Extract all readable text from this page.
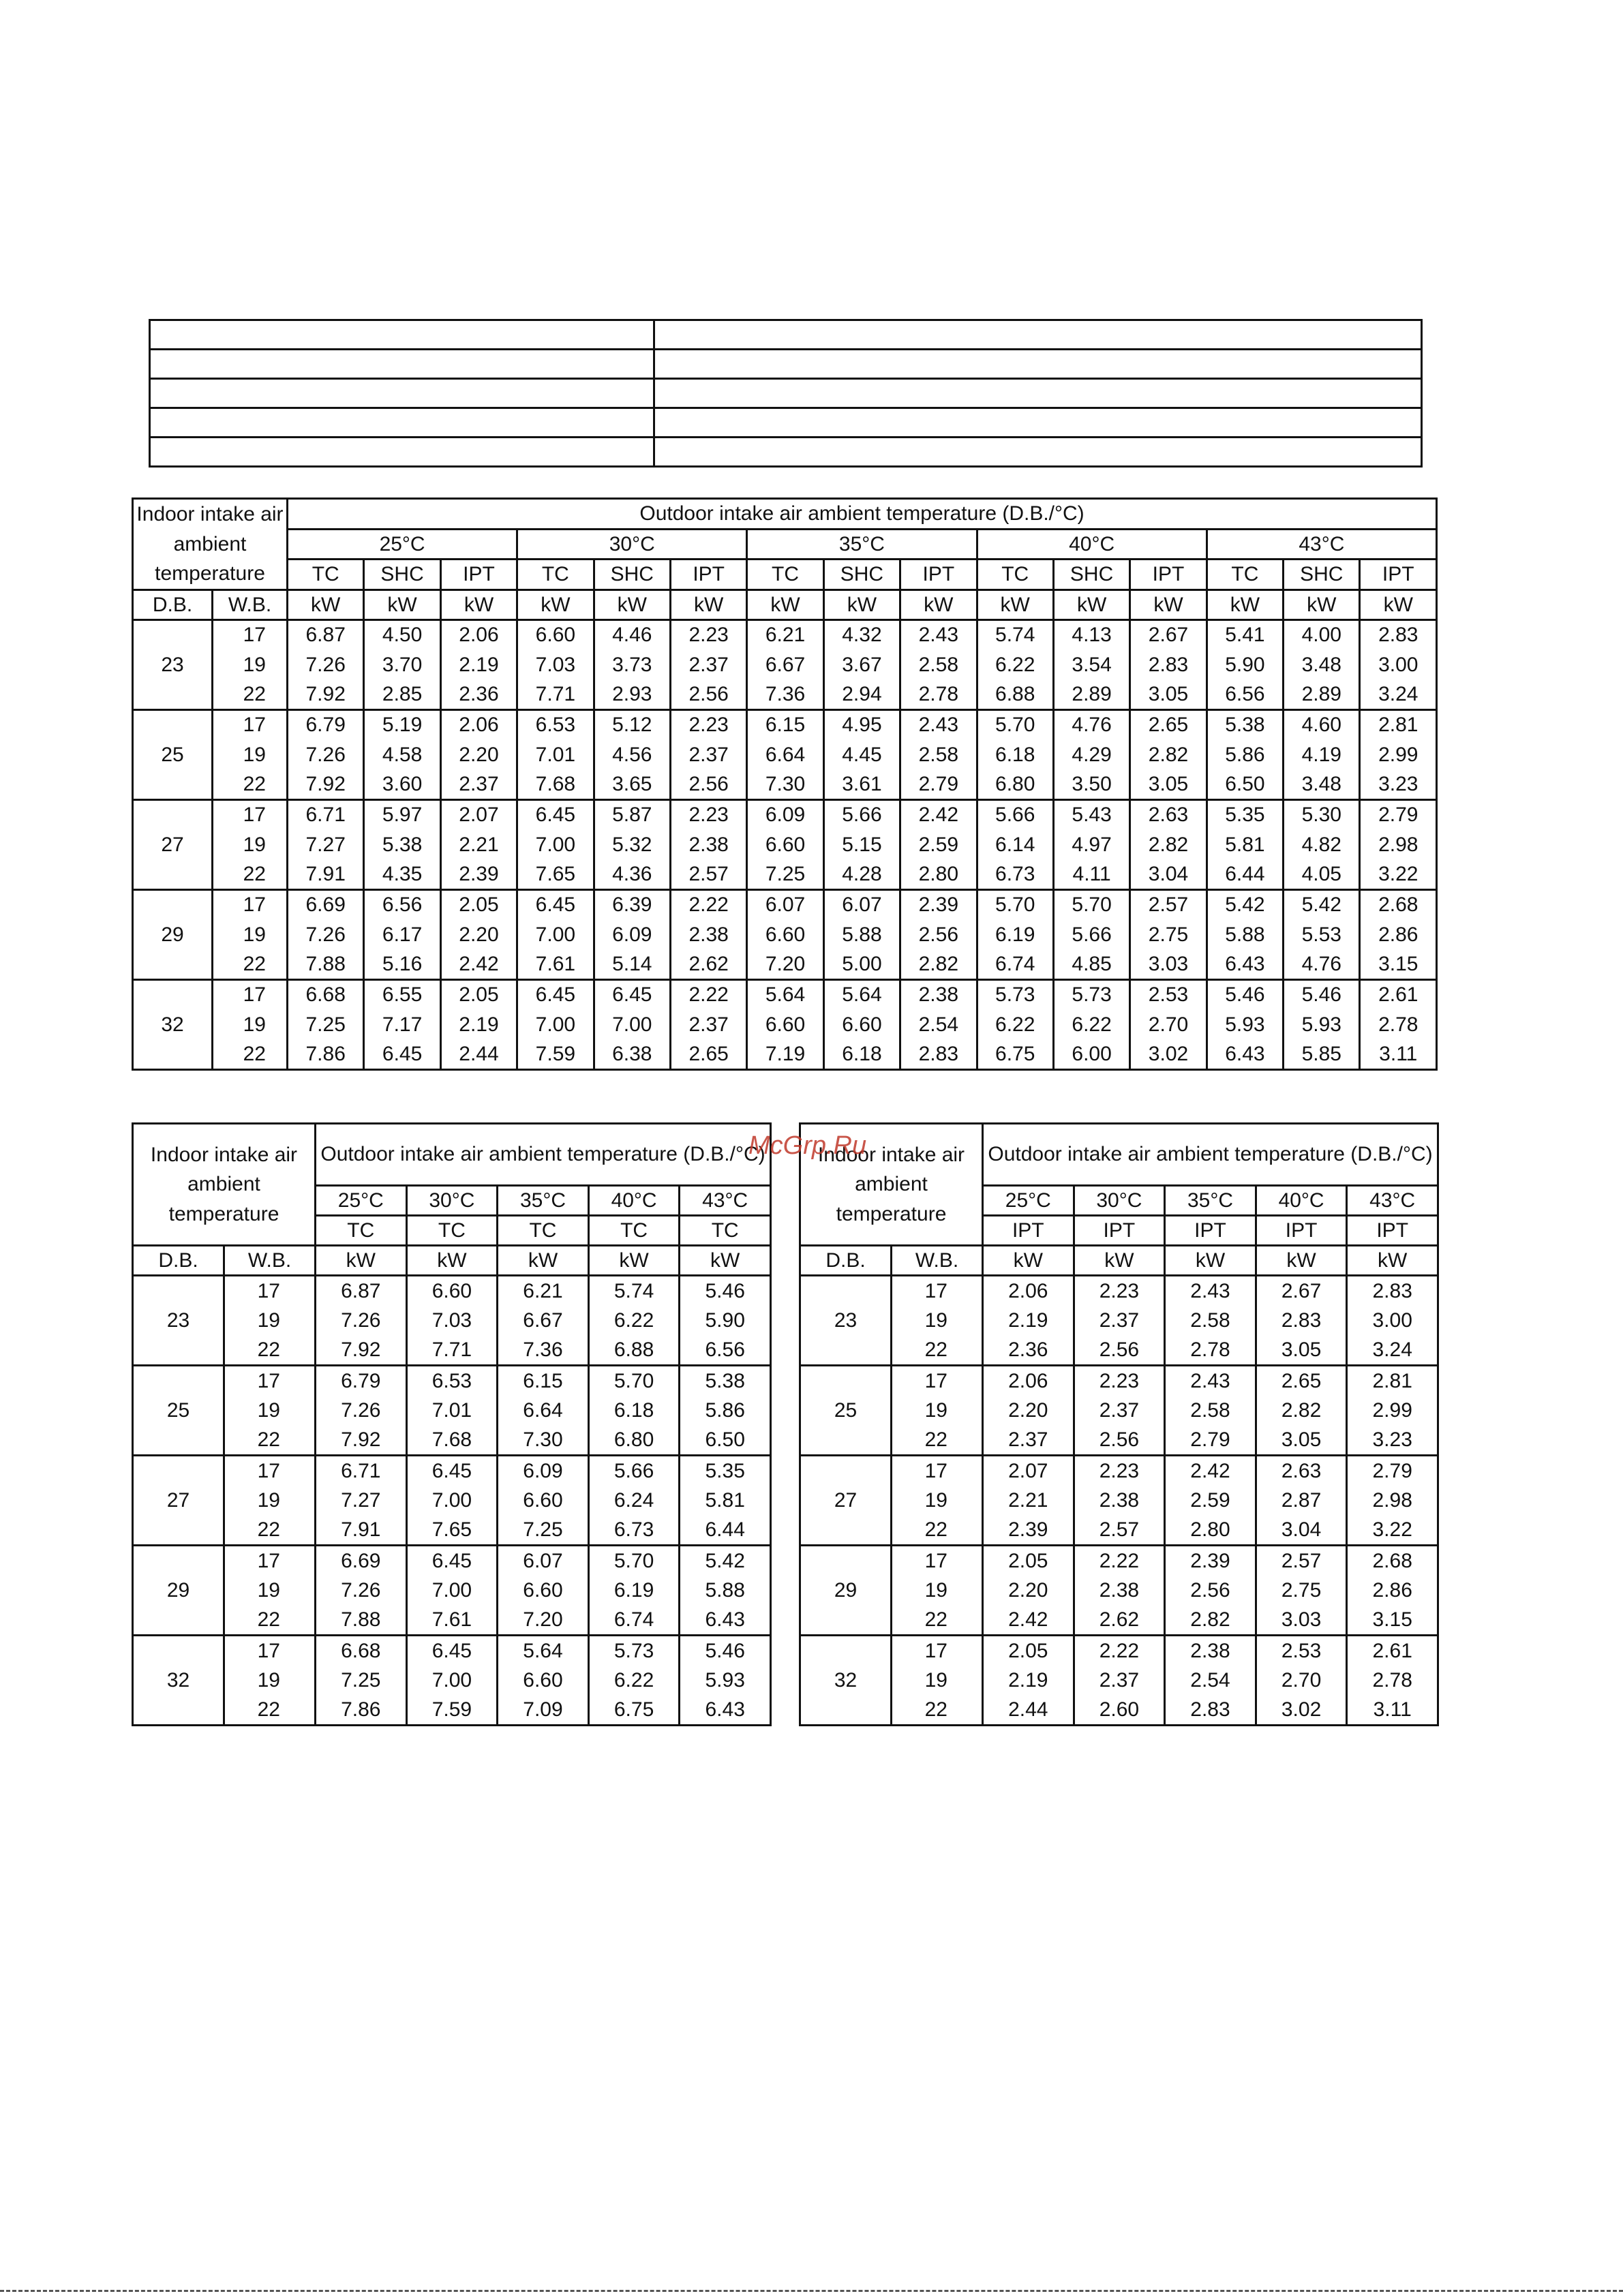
Indoor intake air ambient temperature		Outdoor intake air ambient temperature (D.B./°C)														
		25°C			30°C			35°C			40°C			43°C		
		TC	SHC	IPT	TC	SHC	IPT	TC	SHC	IPT	TC	SHC	IPT	TC	SHC	IPT
D.B.	W.B.	kW	kW	kW	kW	kW	kW	kW	kW	kW	kW	kW	kW	kW	kW	kW
23	17	6.87	4.50	2.06	6.60	4.46	2.23	6.21	4.32	2.43	5.74	4.13	2.67	5.41	4.00	2.83
	19	7.26	3.70	2.19	7.03	3.73	2.37	6.67	3.67	2.58	6.22	3.54	2.83	5.90	3.48	3.00
	22	7.92	2.85	2.36	7.71	2.93	2.56	7.36	2.94	2.78	6.88	2.89	3.05	6.56	2.89	3.24
25	17	6.79	5.19	2.06	6.53	5.12	2.23	6.15	4.95	2.43	5.70	4.76	2.65	5.38	4.60	2.81
	19	7.26	4.58	2.20	7.01	4.56	2.37	6.64	4.45	2.58	6.18	4.29	2.82	5.86	4.19	2.99
	22	7.92	3.60	2.37	7.68	3.65	2.56	7.30	3.61	2.79	6.80	3.50	3.05	6.50	3.48	3.23
27	17	6.71	5.97	2.07	6.45	5.87	2.23	6.09	5.66	2.42	5.66	5.43	2.63	5.35	5.30	2.79
	19	7.27	5.38	2.21	7.00	5.32	2.38	6.60	5.15	2.59	6.14	4.97	2.82	5.81	4.82	2.98
	22	7.91	4.35	2.39	7.65	4.36	2.57	7.25	4.28	2.80	6.73	4.11	3.04	6.44	4.05	3.22
29	17	6.69	6.56	2.05	6.45	6.39	2.22	6.07	6.07	2.39	5.70	5.70	2.57	5.42	5.42	2.68
	19	7.26	6.17	2.20	7.00	6.09	2.38	6.60	5.88	2.56	6.19	5.66	2.75	5.88	5.53	2.86
	22	7.88	5.16	2.42	7.61	5.14	2.62	7.20	5.00	2.82	6.74	4.85	3.03	6.43	4.76	3.15
32	17	6.68	6.55	2.05	6.45	6.45	2.22	5.64	5.64	2.38	5.73	5.73	2.53	5.46	5.46	2.61
	19	7.25	7.17	2.19	7.00	7.00	2.37	6.60	6.60	2.54	6.22	6.22	2.70	5.93	5.93	2.78
	22	7.86	6.45	2.44	7.59	6.38	2.65	7.19	6.18	2.83	6.75	6.00	3.02	6.43	5.85	3.11
Indoor intake air ambient temperature		Outdoor intake air ambient temperature (D.B./°C)				
		25°C	30°C	35°C	40°C	43°C
		TC	TC	TC	TC	TC
D.B.	W.B.	kW	kW	kW	kW	kW
23	17	6.87	6.60	6.21	5.74	5.46
	19	7.26	7.03	6.67	6.22	5.90
	22	7.92	7.71	7.36	6.88	6.56
25	17	6.79	6.53	6.15	5.70	5.38
	19	7.26	7.01	6.64	6.18	5.86
	22	7.92	7.68	7.30	6.80	6.50
27	17	6.71	6.45	6.09	5.66	5.35
	19	7.27	7.00	6.60	6.24	5.81
	22	7.91	7.65	7.25	6.73	6.44
29	17	6.69	6.45	6.07	5.70	5.42
	19	7.26	7.00	6.60	6.19	5.88
	22	7.88	7.61	7.20	6.74	6.43
32	17	6.68	6.45	5.64	5.73	5.46
	19	7.25	7.00	6.60	6.22	5.93
	22	7.86	7.59	7.09	6.75	6.43
Indoor intake air ambient temperature		Outdoor intake air ambient temperature (D.B./°C)				
		25°C	30°C	35°C	40°C	43°C
		IPT	IPT	IPT	IPT	IPT
D.B.	W.B.	kW	kW	kW	kW	kW
23	17	2.06	2.23	2.43	2.67	2.83
	19	2.19	2.37	2.58	2.83	3.00
	22	2.36	2.56	2.78	3.05	3.24
25	17	2.06	2.23	2.43	2.65	2.81
	19	2.20	2.37	2.58	2.82	2.99
	22	2.37	2.56	2.79	3.05	3.23
27	17	2.07	2.23	2.42	2.63	2.79
	19	2.21	2.38	2.59	2.87	2.98
	22	2.39	2.57	2.80	3.04	3.22
29	17	2.05	2.22	2.39	2.57	2.68
	19	2.20	2.38	2.56	2.75	2.86
	22	2.42	2.62	2.82	3.03	3.15
32	17	2.05	2.22	2.38	2.53	2.61
	19	2.19	2.37	2.54	2.70	2.78
	22	2.44	2.60	2.83	3.02	3.11
McGrp.Ru
